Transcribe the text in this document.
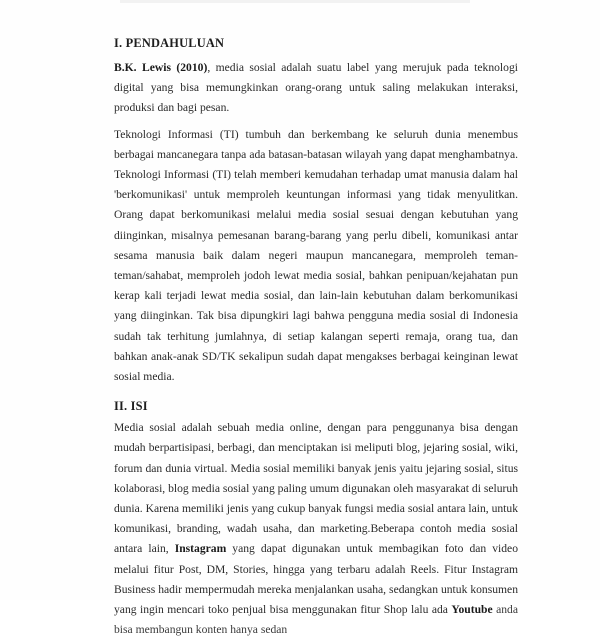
I. PENDAHULUAN

B.K. Lewis (2010), media sosial adalah suatu label yang merujuk pada teknologi digital yang bisa memungkinkan orang-orang untuk saling melakukan interaksi, produksi dan bagi pesan.

Teknologi Informasi (TI) tumbuh dan berkembang ke seluruh dunia menembus berbagai mancanegara tanpa ada batasan-batasan wilayah yang dapat menghambatnya. Teknologi Informasi (TI) telah memberi kemudahan terhadap umat manusia dalam hal 'berkomunikasi' untuk memproleh keuntungan informasi yang tidak menyulitkan. Orang dapat berkomunikasi melalui media sosial sesuai dengan kebutuhan yang diinginkan, misalnya pemesanan barang-barang yang perlu dibeli, komunikasi antar sesama manusia baik dalam negeri maupun mancanegara, memproleh teman-teman/sahabat, memproleh jodoh lewat media sosial, bahkan penipuan/kejahatan pun kerap kali terjadi lewat media sosial, dan lain-lain kebutuhan dalam berkomunikasi yang diinginkan. Tak bisa dipungkiri lagi bahwa pengguna media sosial di Indonesia sudah tak terhitung jumlahnya, di setiap kalangan seperti remaja, orang tua, dan bahkan anak-anak SD/TK sekalipun sudah dapat mengakses berbagai keinginan lewat sosial media.

II. ISI

Media sosial adalah sebuah media online, dengan para penggunanya bisa dengan mudah berpartisipasi, berbagi, dan menciptakan isi meliputi blog, jejaring sosial, wiki, forum dan dunia virtual. Media sosial memiliki banyak jenis yaitu jejaring sosial, situs kolaborasi, blog media sosial yang paling umum digunakan oleh masyarakat di seluruh dunia. Karena memiliki jenis yang cukup banyak fungsi media sosial antara lain, untuk komunikasi, branding, wadah usaha, dan marketing.Beberapa contoh media sosial antara lain, Instagram yang dapat digunakan untuk membagikan foto dan video melalui fitur Post, DM, Stories, hingga yang terbaru adalah Reels. Fitur Instagram Business hadir mempermudah mereka menjalankan usaha, sedangkan untuk konsumen yang ingin mencari toko penjual bisa menggunakan fitur Shop lalu ada Youtube anda bisa membangun konten hanya sedan
